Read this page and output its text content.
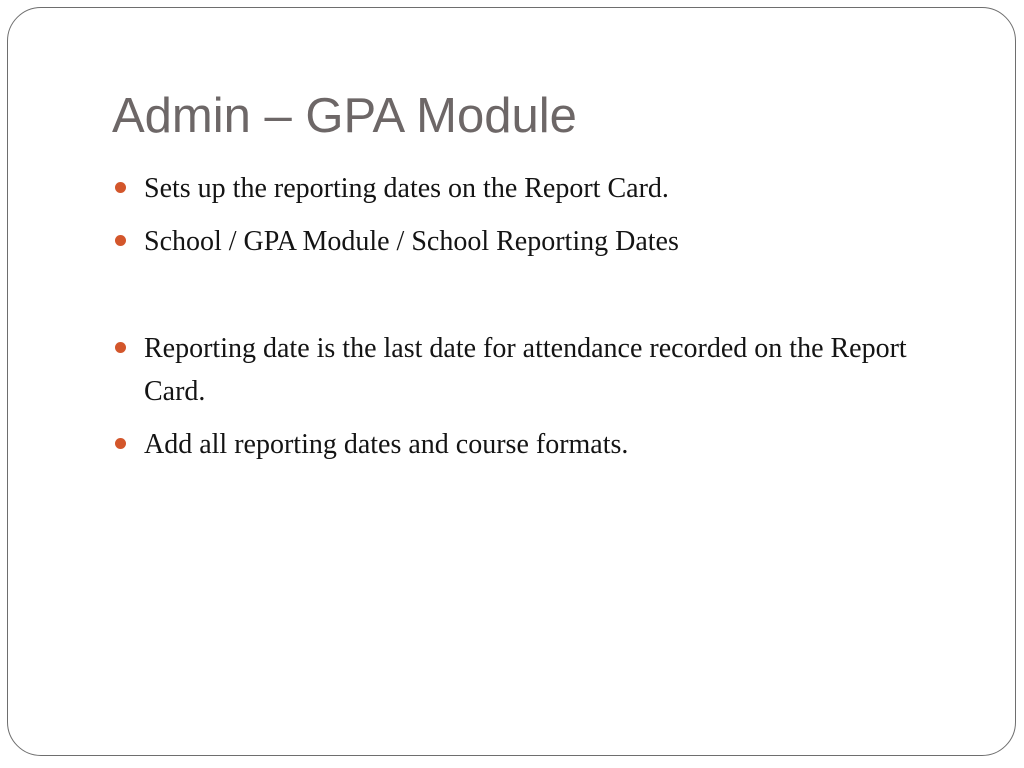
Admin – GPA Module
Sets up the reporting dates on the Report Card.
School / GPA Module / School Reporting Dates
Reporting date is the last date for attendance recorded on the Report Card.
Add all reporting dates and course formats.
